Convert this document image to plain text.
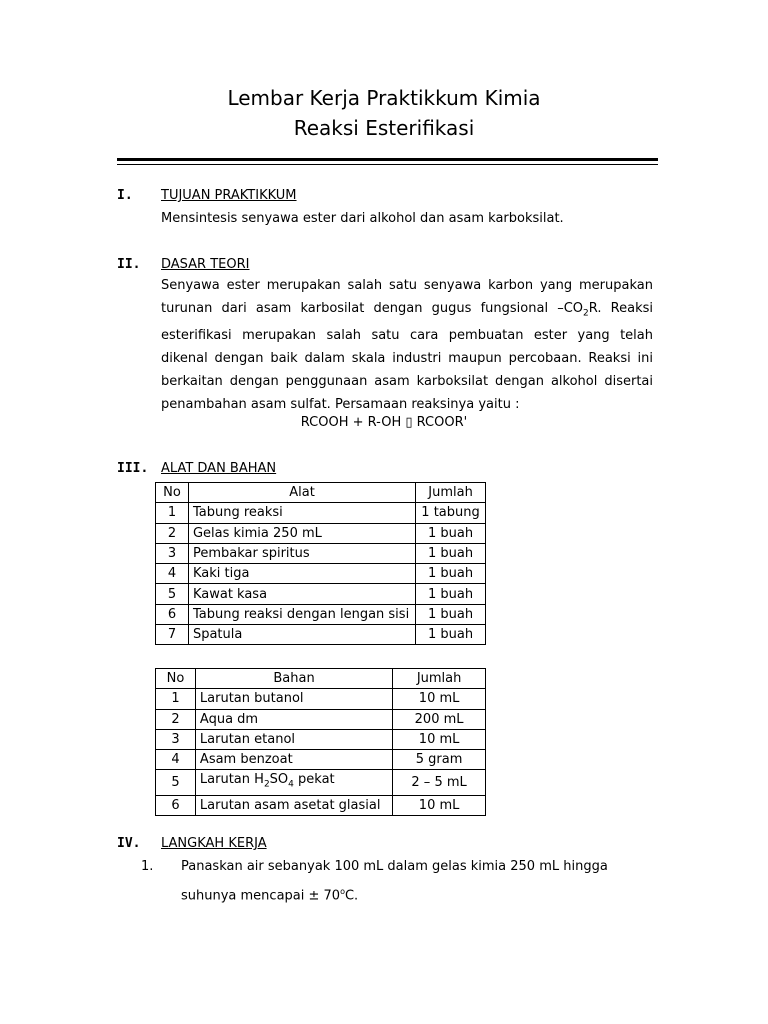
Lembar Kerja Praktikkum Kimia
Reaksi Esterifikasi
I. TUJUAN PRAKTIKKUM
Mensintesis senyawa ester dari alkohol dan asam karboksilat.
II. DASAR TEORI
Senyawa ester merupakan salah satu senyawa karbon yang merupakan turunan dari asam karbosilat dengan gugus fungsional $-CO_2R$. Reaksi esterifikasi merupakan salah satu cara pembuatan ester yang telah dikenal dengan baik dalam skala industri maupun percobaan. Reaksi ini berkaitan dengan penggunaan asam karboksilat dengan alkohol disertai penambahan asam sulfat. Persamaan reaksinya yaitu :
RCOOH + R-OH ▯ RCOOR'
III. ALAT DAN BAHAN
No	Alat	Jumlah
1	Tabung reaksi	1 tabung
2	Gelas kimia 250 mL	1 buah
3	Pembakar spiritus	1 buah
4	Kaki tiga	1 buah
5	Kawat kasa	1 buah
6	Tabung reaksi dengan lengan sisi	1 buah
7	Spatula	1 buah
No	Bahan	Jumlah
1	Larutan butanol	10 mL
2	Aqua dm	200 mL
3	Larutan etanol	10 mL
4	Asam benzoat	5 gram
5	Larutan $H_2SO_4$ pekat	2 – 5 mL
6	Larutan asam asetat glasial	10 mL
IV. LANGKAH KERJA
1. Panaskan air sebanyak 100 mL dalam gelas kimia 250 mL hingga suhunya mencapai ± $70^oC$.
